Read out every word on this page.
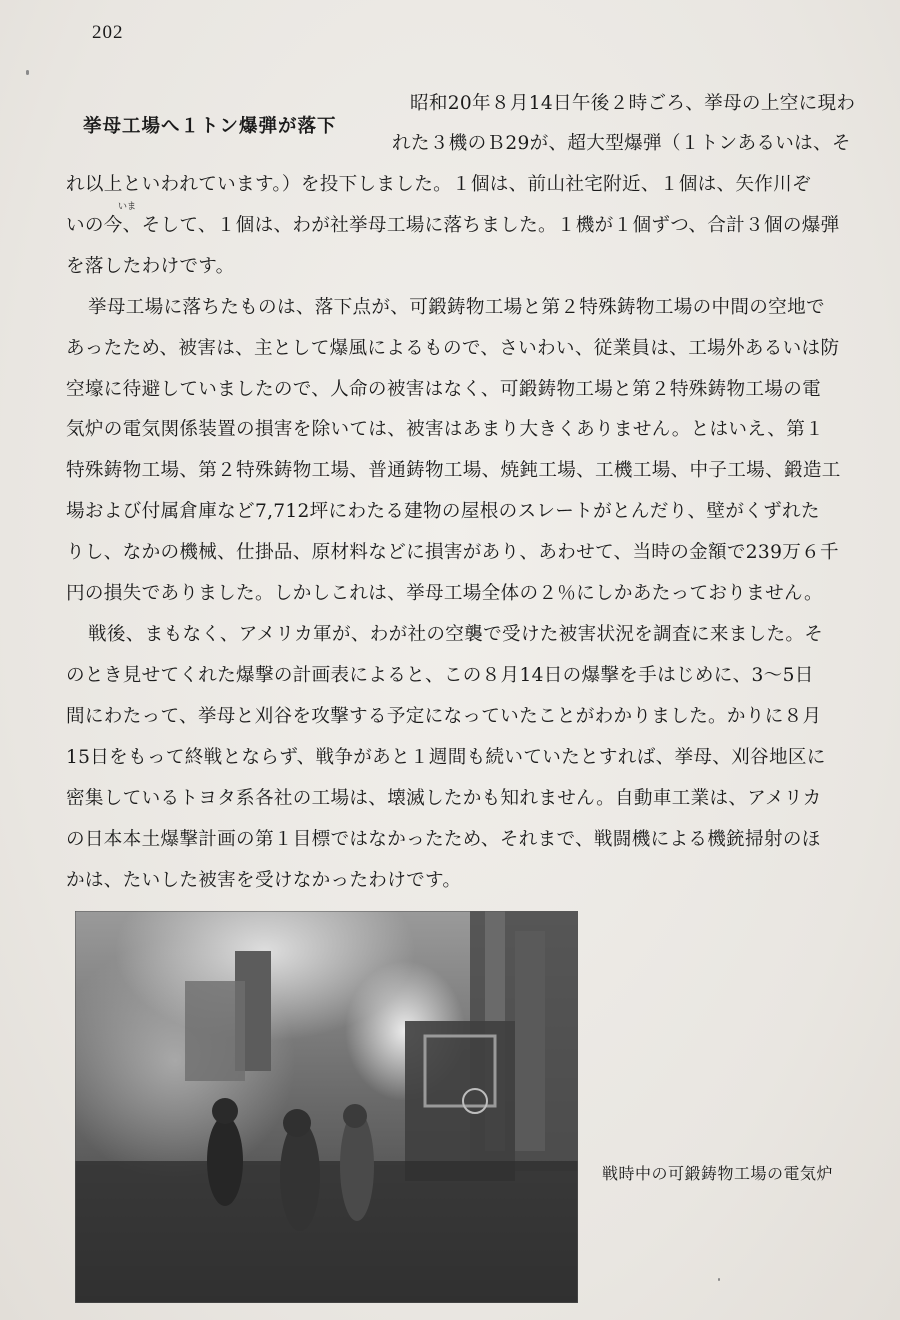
202
挙母工場へ１トン爆弾が落下
いま
昭和20年８月14日午後２時ごろ、挙母の上空に現わ
れた３機のＢ29が、超大型爆弾（１トンあるいは、そ
れ以上といわれています。）を投下しました。１個は、前山社宅附近、１個は、矢作川ぞ
いの今、そして、１個は、わが社挙母工場に落ちました。１機が１個ずつ、合計３個の爆弾
を落したわけです。
挙母工場に落ちたものは、落下点が、可鍛鋳物工場と第２特殊鋳物工場の中間の空地で
あったため、被害は、主として爆風によるもので、さいわい、従業員は、工場外あるいは防
空壕に待避していましたので、人命の被害はなく、可鍛鋳物工場と第２特殊鋳物工場の電
気炉の電気関係装置の損害を除いては、被害はあまり大きくありません。とはいえ、第１
特殊鋳物工場、第２特殊鋳物工場、普通鋳物工場、焼鈍工場、工機工場、中子工場、鍛造工
場および付属倉庫など7,712坪にわたる建物の屋根のスレートがとんだり、壁がくずれた
りし、なかの機械、仕掛品、原材料などに損害があり、あわせて、当時の金額で239万６千
円の損失でありました。しかしこれは、挙母工場全体の２％にしかあたっておりません。
戦後、まもなく、アメリカ軍が、わが社の空襲で受けた被害状況を調査に来ました。そ
のとき見せてくれた爆撃の計画表によると、この８月14日の爆撃を手はじめに、3～5日
間にわたって、挙母と刈谷を攻撃する予定になっていたことがわかりました。かりに８月
15日をもって終戦とならず、戦争があと１週間も続いていたとすれば、挙母、刈谷地区に
密集しているトヨタ系各社の工場は、壊滅したかも知れません。自動車工業は、アメリカ
の日本本土爆撃計画の第１目標ではなかったため、それまで、戦闘機による機銃掃射のほ
かは、たいした被害を受けなかったわけです。
戦時中の可鍛鋳物工場の電気炉
